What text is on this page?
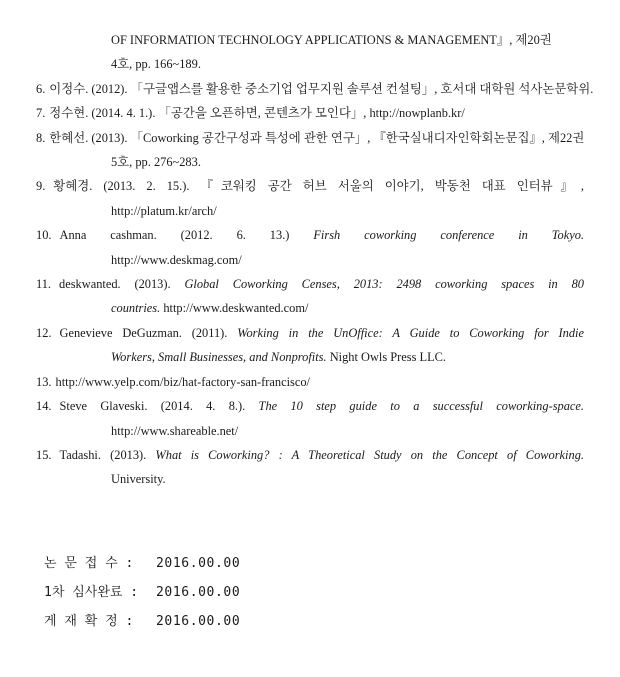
OF INFORMATION TECHNOLOGY APPLICATIONS & MANAGEMENT』, 제20권
4호, pp. 166~189.
6. 이정수. (2012). 「구글앱스를 활용한 중소기업 업무지원 솔루션 컨설팅」, 호서대 대학원 석사논문학위.
7. 정수현. (2014. 4. 1.). 「공간을 오픈하면, 콘텐츠가 모인다」, http://nowplanb.kr/
8. 한혜선. (2013). 「Coworking 공간구성과 특성에 관한 연구」, 『한국실내디자인학회논문집』, 제22권
5호, pp. 276~283.
9. 황혜경. (2013. 2. 15.). 『코워킹 공간 허브 서울의 이야기, 박동천 대표 인터뷰』,
http://platum.kr/arch/
10. Anna cashman. (2012. 6. 13.) Firsh coworking conference in Tokyo.
http://www.deskmag.com/
11. deskwanted. (2013). Global Coworking Censes, 2013: 2498 coworking spaces in 80
countries. http://www.deskwanted.com/
12. Genevieve DeGuzman. (2011). Working in the UnOffice: A Guide to Coworking for Indie
Workers, Small Businesses, and Nonprofits. Night Owls Press LLC.
13. http://www.yelp.com/biz/hat-factory-san-francisco/
14. Steve Glaveski. (2014. 4. 8.). The 10 step guide to a successful coworking-space.
http://www.shareable.net/
15. Tadashi. (2013). What is Coworking? : A Theoretical Study on the Concept of Coworking.
University.
논 문 접 수 : 2016.00.00
1차 심사완료 : 2016.00.00
게 재 확 정 : 2016.00.00
